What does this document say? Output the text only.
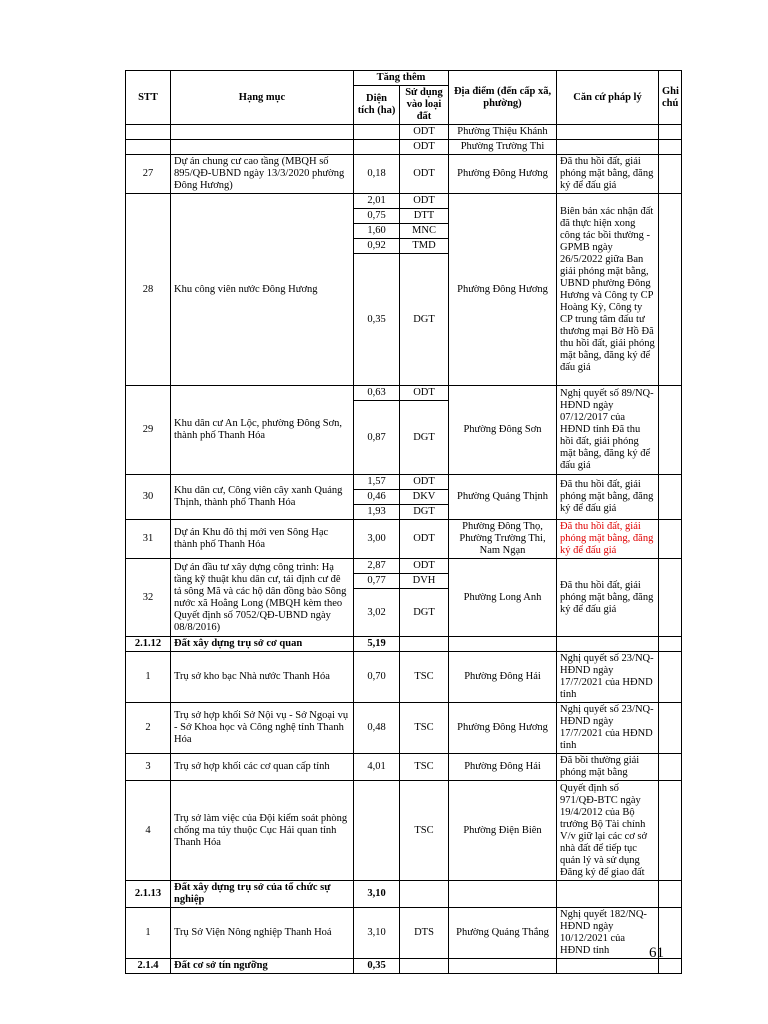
STT	Hạng mục	Tăng thêm		Địa điểm (đến cấp xã, phường)	Căn cứ pháp lý	Ghi chú
		Diện tích (ha)	Sử dụng vào loại đất			
			ODT	Phường Thiệu Khánh		
			ODT	Phường Trường Thi		
27	Dự án chung cư cao tầng (MBQH số 895/QĐ-UBND ngày 13/3/2020 phường Đông Hương)	0,18	ODT	Phường Đông Hương	Đã thu hồi đất, giải phóng mặt bằng, đăng ký để đấu giá	
28	Khu công viên nước Đông Hương	2,01	ODT	Phường Đông Hương	Biên bản xác nhận đất đã thực hiện xong công tác bồi thường - GPMB ngày 26/5/2022 giữa Ban giải phóng mặt bằng, UBND phường Đông Hương và Công ty CP Hoàng Kỳ, Công ty CP trung tâm đấu tư thương mại Bờ Hồ Đã thu hồi đất, giải phóng mặt bằng, đăng ký để đấu giá	
		0,75	DTT			
		1,60	MNC			
		0,92	TMD			
		0,35	DGT			
29	Khu dân cư An Lộc, phường Đông Sơn, thành phố Thanh Hóa	0,63	ODT	Phường Đông Sơn	Nghị quyết số 89/NQ-HĐND ngày 07/12/2017 của HĐND tỉnh Đã thu hồi đất, giải phóng mặt bằng, đăng ký để đấu giá	
		0,87	DGT			
30	Khu dân cư, Công viên cây xanh Quảng Thịnh, thành phố Thanh Hóa	1,57	ODT	Phường Quảng Thịnh	Đã thu hồi đất, giải phóng mặt bằng, đăng ký để đấu giá	
		0,46	DKV			
		1,93	DGT			
31	Dự án Khu đô thị mới ven Sông Hạc thành phố Thanh Hóa	3,00	ODT	Phường Đông Thọ, Phường Trường Thi, Nam Ngạn	Đã thu hồi đất, giải phóng mặt bằng, đăng ký để đấu giá	
32	Dự án đầu tư xây dựng công trình: Hạ tầng kỹ thuật khu dân cư, tái định cư đê tả sông Mã và các hộ dân đồng bào Sông nước xã Hoằng Long (MBQH kèm theo Quyết định số 7052/QĐ-UBND ngày 08/8/2016)	2,87	ODT	Phường Long Anh	Đã thu hồi đất, giải phóng mặt bằng, đăng ký để đấu giá	
		0,77	DVH			
		3,02	DGT			
2.1.12	Đất xây dựng trụ sở cơ quan	5,19				
1	Trụ sở kho bạc Nhà nước Thanh Hóa	0,70	TSC	Phường Đông Hải	Nghị quyết số 23/NQ-HĐND ngày 17/7/2021 của HĐND tỉnh	
2	Trụ sở hợp khối Sở Nội vụ - Sở Ngoại vụ - Sở Khoa học và Công nghệ tỉnh Thanh Hóa	0,48	TSC	Phường Đông Hương	Nghị quyết số 23/NQ-HĐND ngày 17/7/2021 của HĐND tỉnh	
3	Trụ sở hợp khối các cơ quan cấp tỉnh	4,01	TSC	Phường Đông Hải	Đã bồi thường giải phóng mặt bằng	
4	Trụ sở làm việc của Đội kiểm soát phòng chống ma túy thuộc Cục Hải quan tỉnh Thanh Hóa		TSC	Phường Điện Biên	Quyết định số 971/QĐ-BTC ngày 19/4/2012 của Bộ trưởng Bộ Tài chính V/v giữ lại các cơ sở nhà đất để tiếp tục quản lý và sử dụng Đăng ký để giao đất	
2.1.13	Đất xây dựng trụ sở của tổ chức sự nghiệp	3,10				
1	Trụ Sở Viện Nông nghiệp Thanh Hoá	3,10	DTS	Phường Quảng Thắng	Nghị quyết 182/NQ-HĐND ngày 10/12/2021 của HĐND tỉnh	
2.1.4	Đất cơ sở tín ngưỡng	0,35				
61
